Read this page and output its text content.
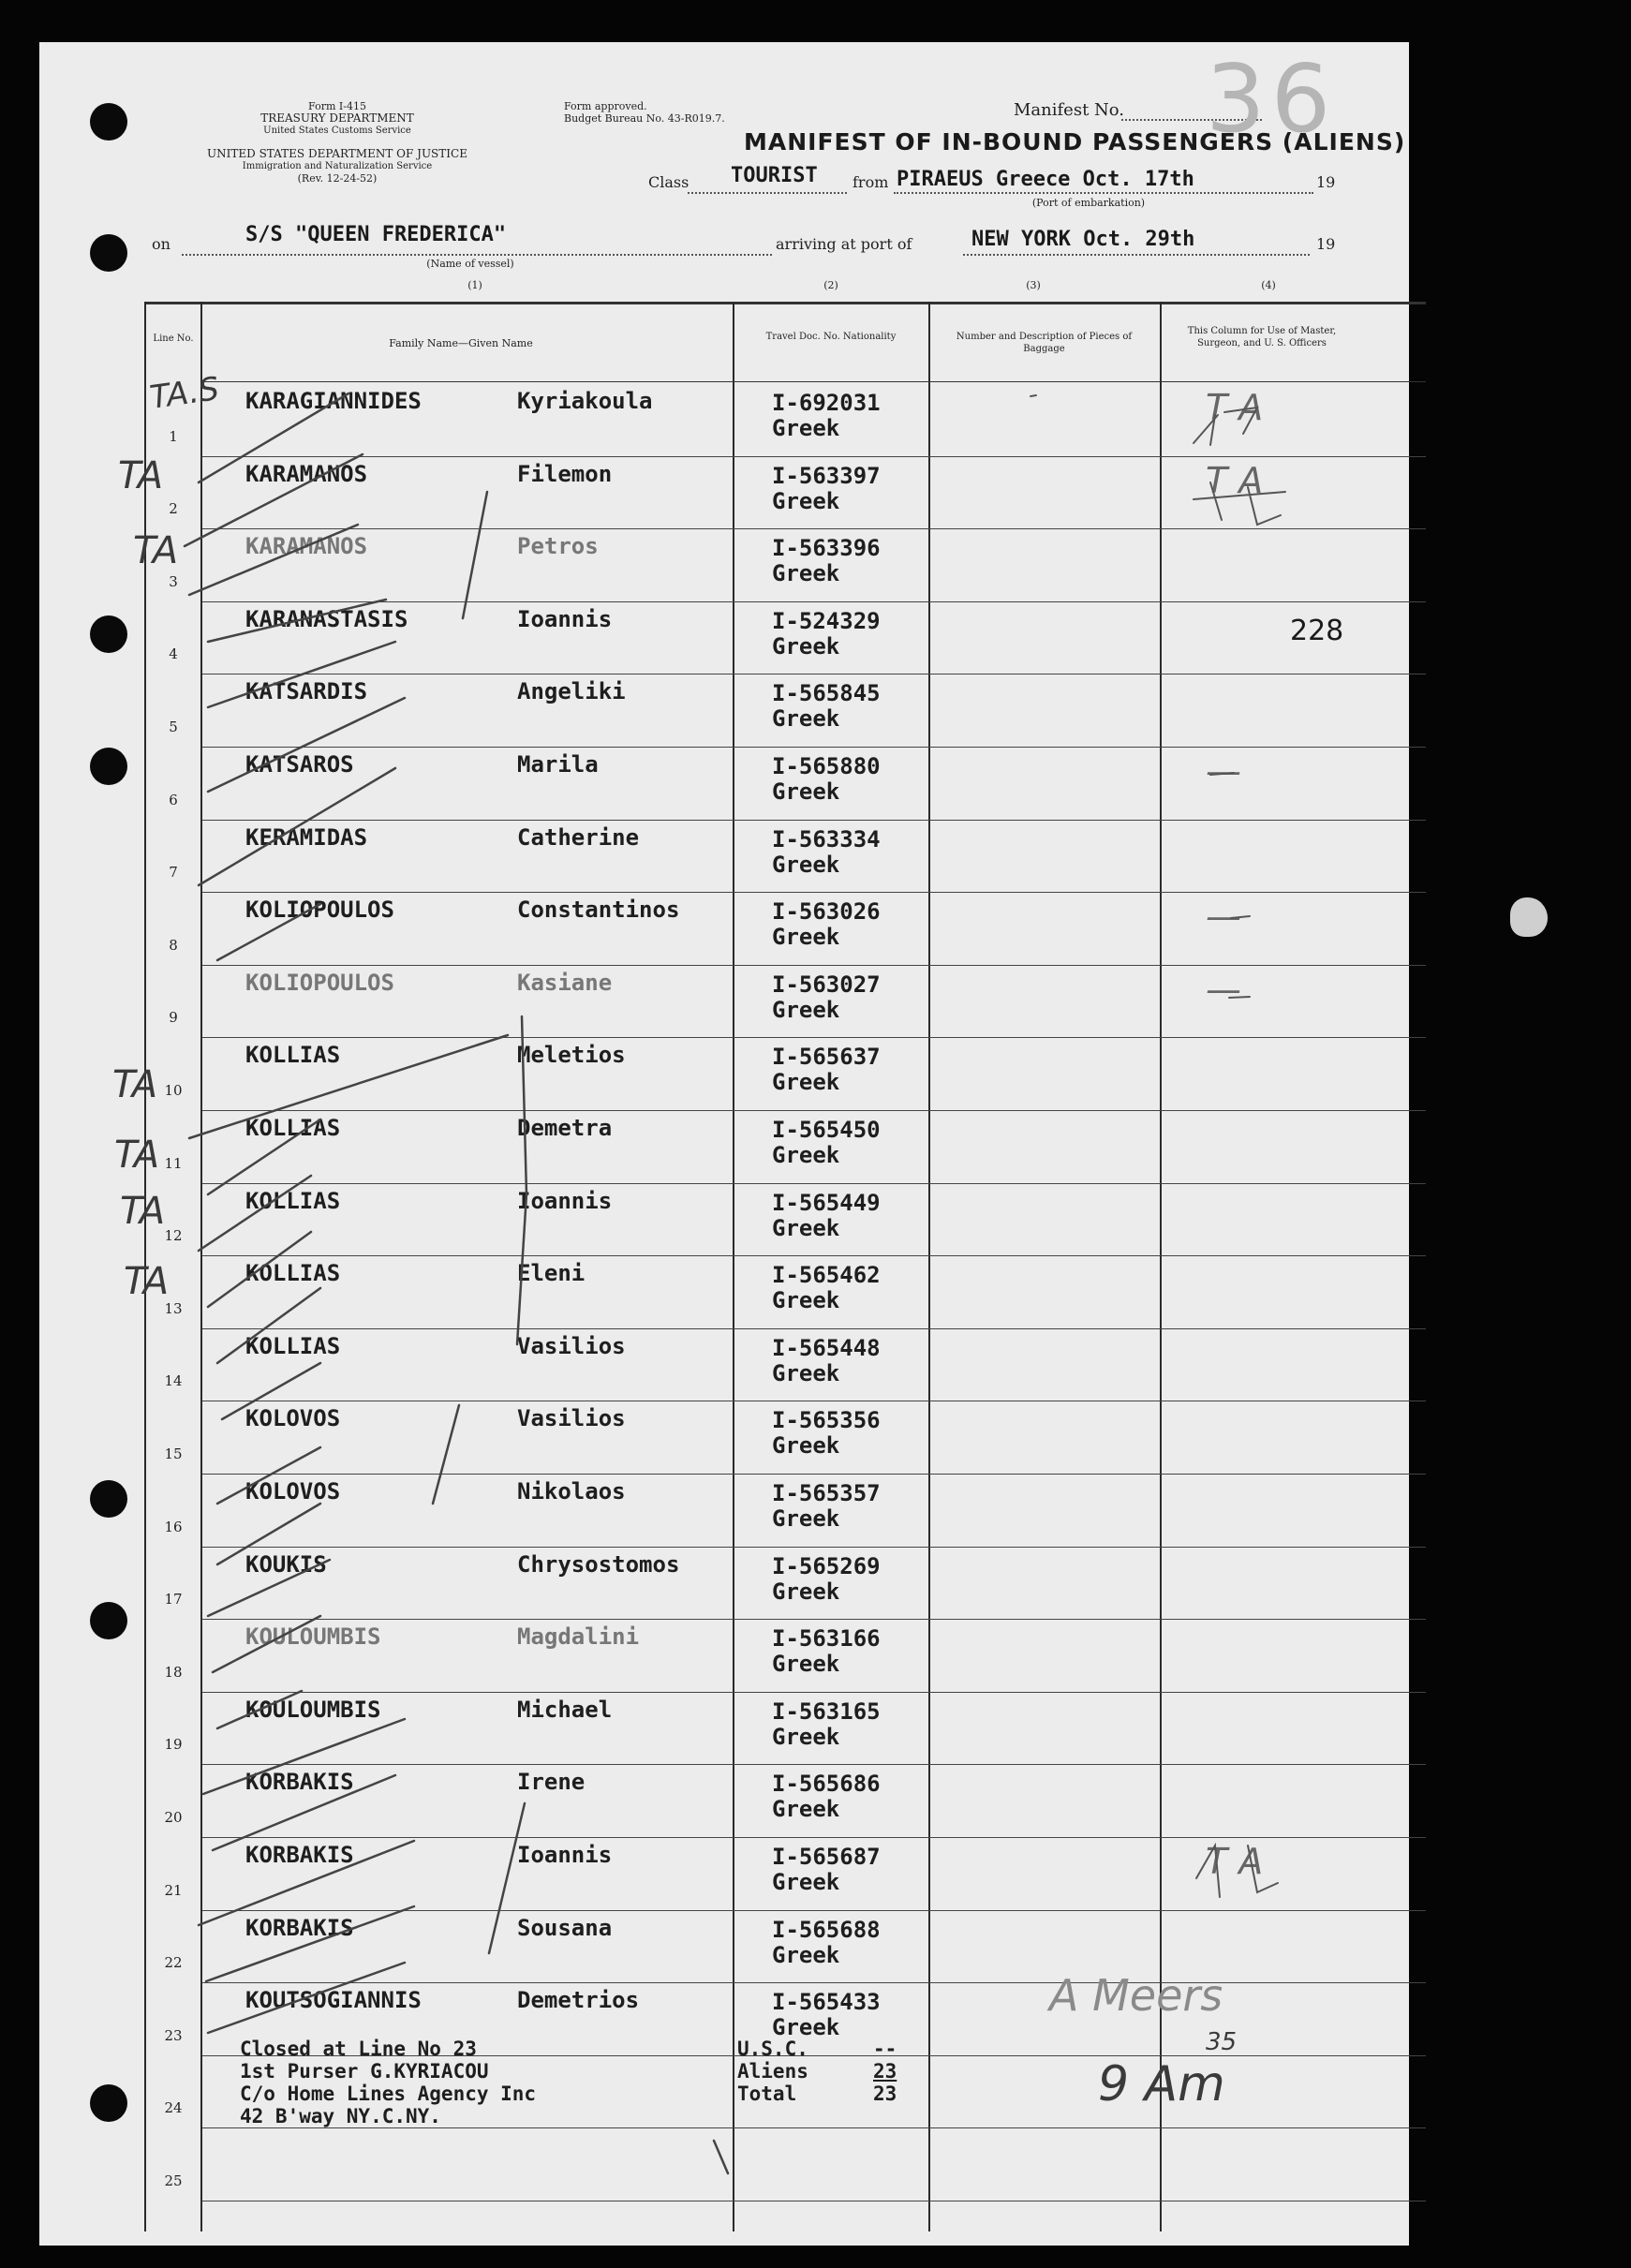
Form I-415
TREASURY DEPARTMENT
United States Customs Service
UNITED STATES DEPARTMENT OF JUSTICE
Immigration and Naturalization Service
(Rev. 12-24-52)
Form approved.
Budget Bureau No. 43-R019.7.	Manifest No. 36
MANIFEST OF IN-BOUND PASSENGERS (ALIENS)
Class TOURIST from PIRAEUS Greece Oct. 17th	19
(Port of embarkation)
on	S/S "QUEEN FREDERICA"
(Name of vessel)
arriving at port of	NEW YORK Oct. 29th	19
(1)	(2)	(3)	(4)
Line No.	Family Name—Given Name
Travel Doc. No. Nationality	Number and Description of Pieces of Baggage
This Column for Use of Master, Surgeon, and U. S. Officers
1
KARAGIANNIDES	Kyriakoula	I-692031
Greek	T A
2
KARAMANOS	Filemon	I-563397
Greek	T A
3
KARAMANOS	Petros	I-563396
Greek
4
KARANASTASIS	Ioannis	I-524329
Greek	228
5
KATSARDIS	Angeliki	I-565845
Greek
6
KATSAROS	Marila	I-565880
Greek	—
7
KERAMIDAS	Catherine	I-563334
Greek
8
KOLIOPOULOS	Constantinos	I-563026
Greek	—
9
KOLIOPOULOS	Kasiane	I-563027
Greek	—
10
KOLLIAS	Meletios	I-565637
Greek
11
KOLLIAS	Demetra	I-565450
Greek
12
KOLLIAS	Ioannis	I-565449
Greek
13
KOLLIAS	Eleni	I-565462
Greek
14
KOLLIAS	Vasilios	I-565448
Greek
15
KOLOVOS	Vasilios	I-565356
Greek
16
KOLOVOS	Nikolaos	I-565357
Greek
17
KOUKIS	Chrysostomos	I-565269
Greek
18
KOULOUMBIS	Magdalini	I-563166
Greek
19
KOULOUMBIS	Michael	I-563165
Greek
20
KORBAKIS	Irene	I-565686
Greek
21
KORBAKIS	Ioannis	I-565687
Greek	T A
22
KORBAKIS	Sousana	I-565688
Greek
23
KOUTSOGIANNIS	Demetrios	I-565433
Greek
24
25
Closed at Line No 23
1st Purser G.KYRIACOU
C/o Home Lines Agency Inc
42 B'way NY.C.NY.
U.S.C.	--
Aliens	23
Total	23
TA.S
TA
TA
TA
TA
TA
TA
A Meers
35
9 Am
